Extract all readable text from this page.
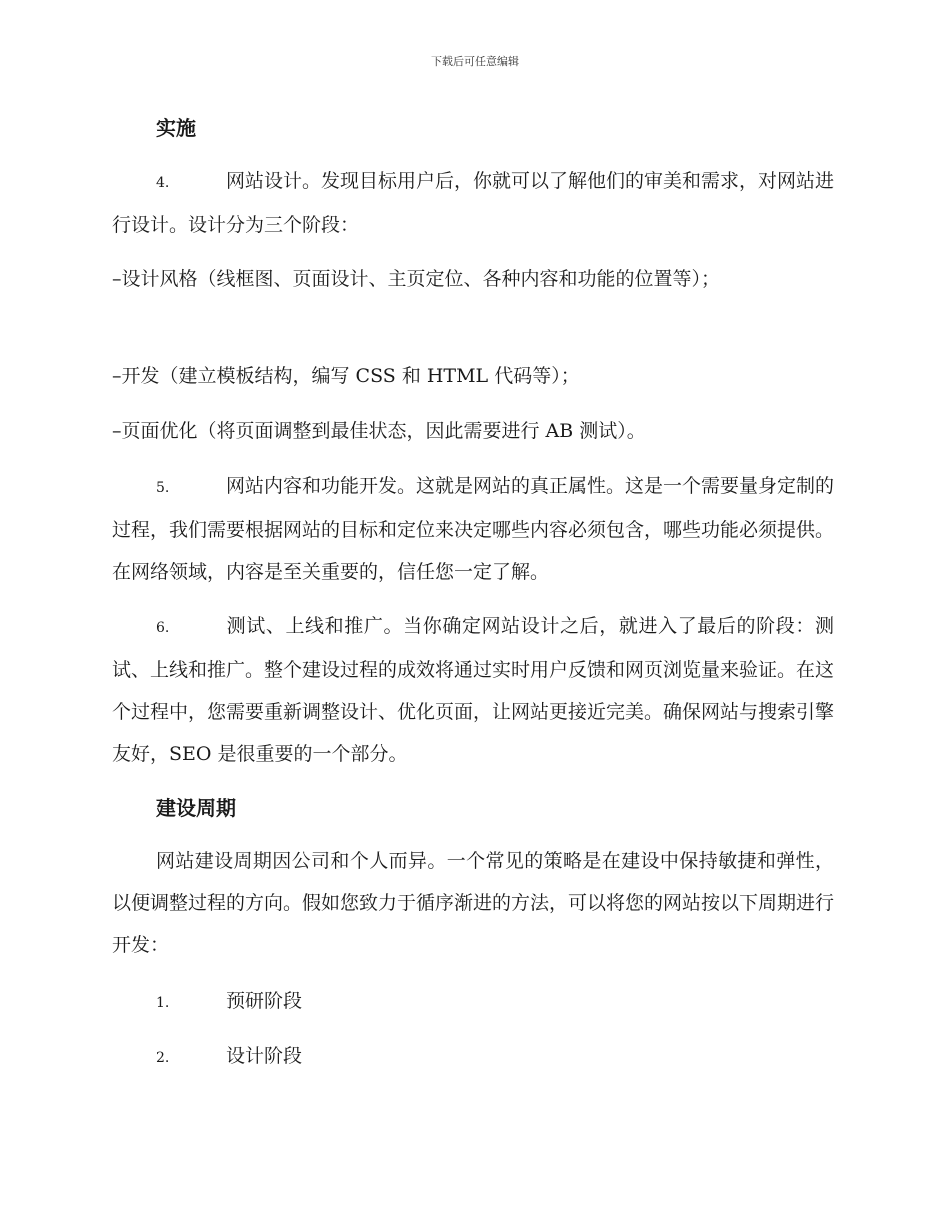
下载后可任意编辑
实施
4.	网站设计。发现目标用户后，你就可以了解他们的审美和需求，对网站进行设计。设计分为三个阶段：
–设计风格（线框图、页面设计、主页定位、各种内容和功能的位置等）；
–开发（建立模板结构，编写 CSS 和 HTML 代码等）；
–页面优化（将页面调整到最佳状态，因此需要进行 AB 测试）。
5.	网站内容和功能开发。这就是网站的真正属性。这是一个需要量身定制的过程，我们需要根据网站的目标和定位来决定哪些内容必须包含，哪些功能必须提供。在网络领域，内容是至关重要的，信任您一定了解。
6.	测试、上线和推广。当你确定网站设计之后，就进入了最后的阶段：测试、上线和推广。整个建设过程的成效将通过实时用户反馈和网页浏览量来验证。在这个过程中，您需要重新调整设计、优化页面，让网站更接近完美。确保网站与搜索引擎友好，SEO 是很重要的一个部分。
建设周期
网站建设周期因公司和个人而异。一个常见的策略是在建设中保持敏捷和弹性，以便调整过程的方向。假如您致力于循序渐进的方法，可以将您的网站按以下周期进行开发：
1.	预研阶段
2.	设计阶段
